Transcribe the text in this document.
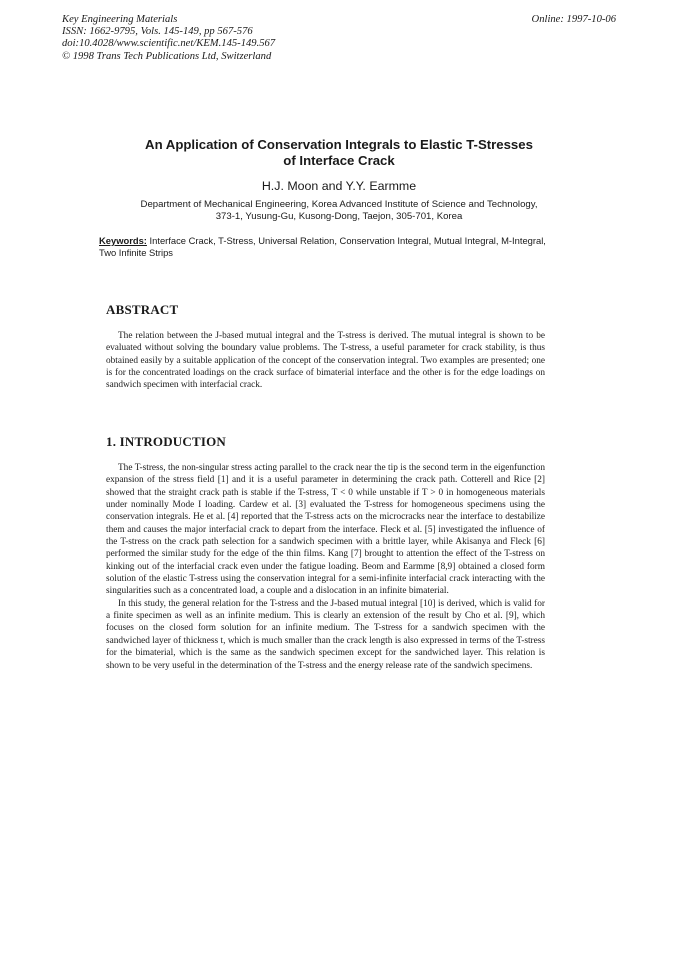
Key Engineering Materials
ISSN: 1662-9795, Vols. 145-149, pp 567-576
doi:10.4028/www.scientific.net/KEM.145-149.567
© 1998 Trans Tech Publications Ltd, Switzerland
Online: 1997-10-06
An Application of Conservation Integrals to Elastic T-Stresses
of Interface Crack
H.J. Moon and Y.Y. Earmme
Department of Mechanical Engineering, Korea Advanced Institute of Science and Technology,
373-1, Yusung-Gu, Kusong-Dong, Taejon, 305-701, Korea
Keywords: Interface Crack, T-Stress, Universal Relation, Conservation Integral, Mutual Integral, M-Integral, Two Infinite Strips
ABSTRACT

The relation between the J-based mutual integral and the T-stress is derived. The mutual integral is shown to be evaluated without solving the boundary value problems. The T-stress, a useful parameter for crack stability, is thus obtained easily by a suitable application of the concept of the conservation integral. Two examples are presented; one is for the concentrated loadings on the crack surface of bimaterial interface and the other is for the edge loadings on sandwich specimen with interfacial crack.

1. INTRODUCTION

The T-stress, the non-singular stress acting parallel to the crack near the tip is the second term in the eigenfunction expansion of the stress field [1] and it is a useful parameter in determining the crack path. Cotterell and Rice [2] showed that the straight crack path is stable if the T-stress, T < 0 while unstable if T > 0 in homogeneous materials under nominally Mode I loading. Cardew et al. [3] evaluated the T-stress for homogeneous specimens using the conservation integrals. He et al. [4] reported that the T-stress acts on the microcracks near the interface to destabilize them and causes the major interfacial crack to depart from the interface. Fleck et al. [5] investigated the influence of the T-stress on the crack path selection for a sandwich specimen with a brittle layer, while Akisanya and Fleck [6] performed the similar study for the edge of the thin films. Kang [7] brought to attention the effect of the T-stress on kinking out of the interfacial crack even under the fatigue loading. Beom and Earmme [8,9] obtained a closed form solution of the elastic T-stress using the conservation integral for a semi-infinite interfacial crack interacting with the singularities such as a concentrated load, a couple and a dislocation in an infinite bimaterial.

In this study, the general relation for the T-stress and the J-based mutual integral [10] is derived, which is valid for a finite specimen as well as an infinite medium. This is clearly an extension of the result by Cho et al. [9], which focuses on the closed form solution for an infinite medium. The T-stress for a sandwich specimen with the sandwiched layer of thickness t, which is much smaller than the crack length is also expressed in terms of the T-stress for the bimaterial, which is the same as the sandwich specimen except for the sandwiched layer. This relation is shown to be very useful in the determination of the T-stress and the energy release rate of the sandwich specimens.
